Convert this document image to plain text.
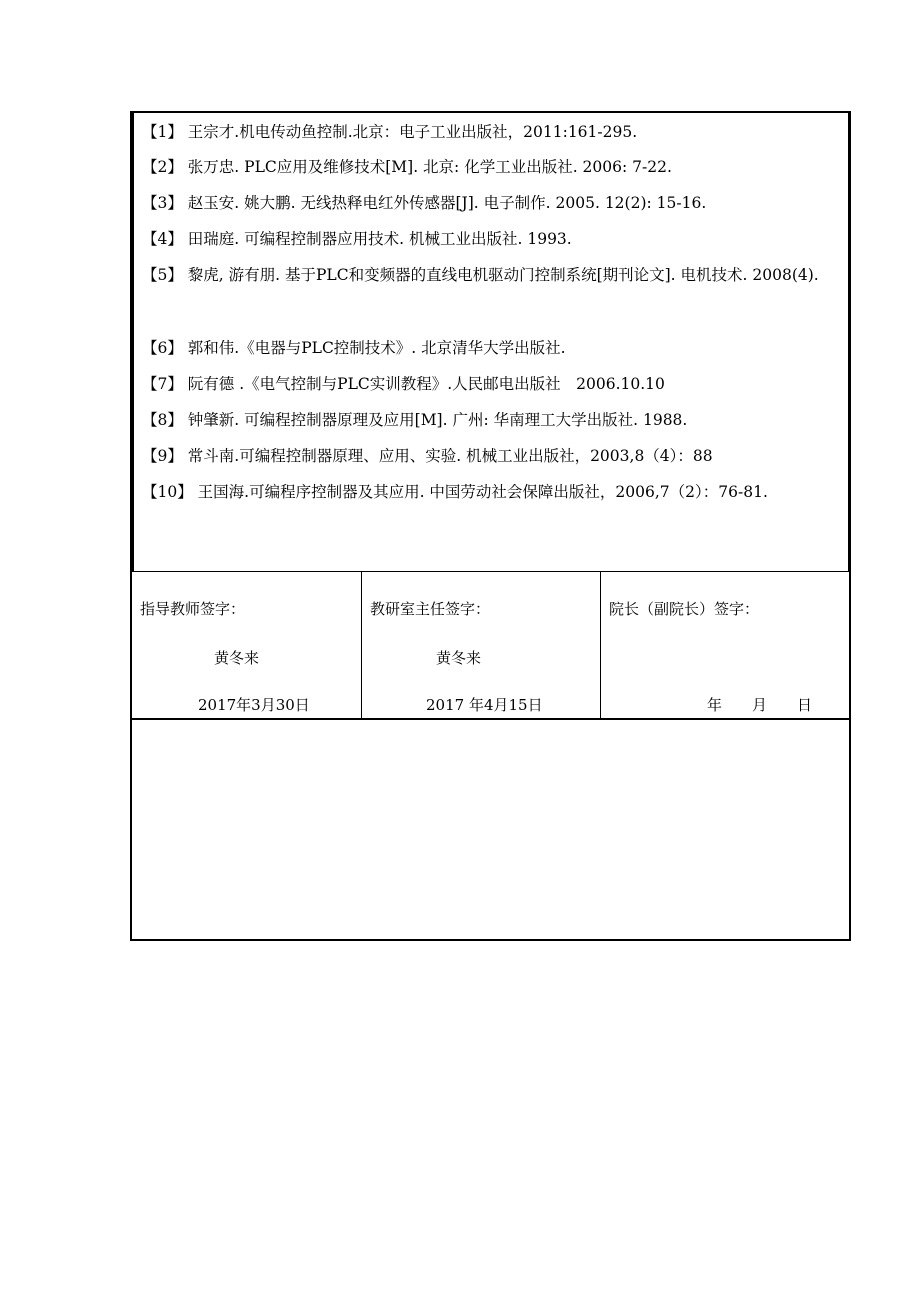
【1】 王宗才.机电传动鱼控制.北京：电子工业出版社，2011:161-295.
【2】 张万忠. PLC应用及维修技术[M]. 北京: 化学工业出版社. 2006: 7-22.
【3】 赵玉安. 姚大鹏. 无线热释电红外传感器[J]. 电子制作. 2005. 12(2): 15-16.
【4】 田瑞庭. 可编程控制器应用技术. 机械工业出版社. 1993.
【5】 黎虎, 游有朋. 基于PLC和变频器的直线电机驱动门控制系统[期刊论文]. 电机技术. 2008(4).
【6】 郭和伟.《电器与PLC控制技术》. 北京清华大学出版社.
【7】 阮有德 .《电气控制与PLC实训教程》.人民邮电出版社　2006.10.10
【8】 钟肇新. 可编程控制器原理及应用[M]. 广州: 华南理工大学出版社. 1988.
【9】 常斗南.可编程控制器原理、应用、实验. 机械工业出版社，2003,8（4）：88
【10】 王国海.可编程序控制器及其应用. 中国劳动社会保障出版社，2006,7（2）：76-81.
指导教师签字：
黄冬来
2017年3月30日
教研室主任签字：
黄冬来
2017 年4月15日
院长（副院长）签字：
年　　月　　日
